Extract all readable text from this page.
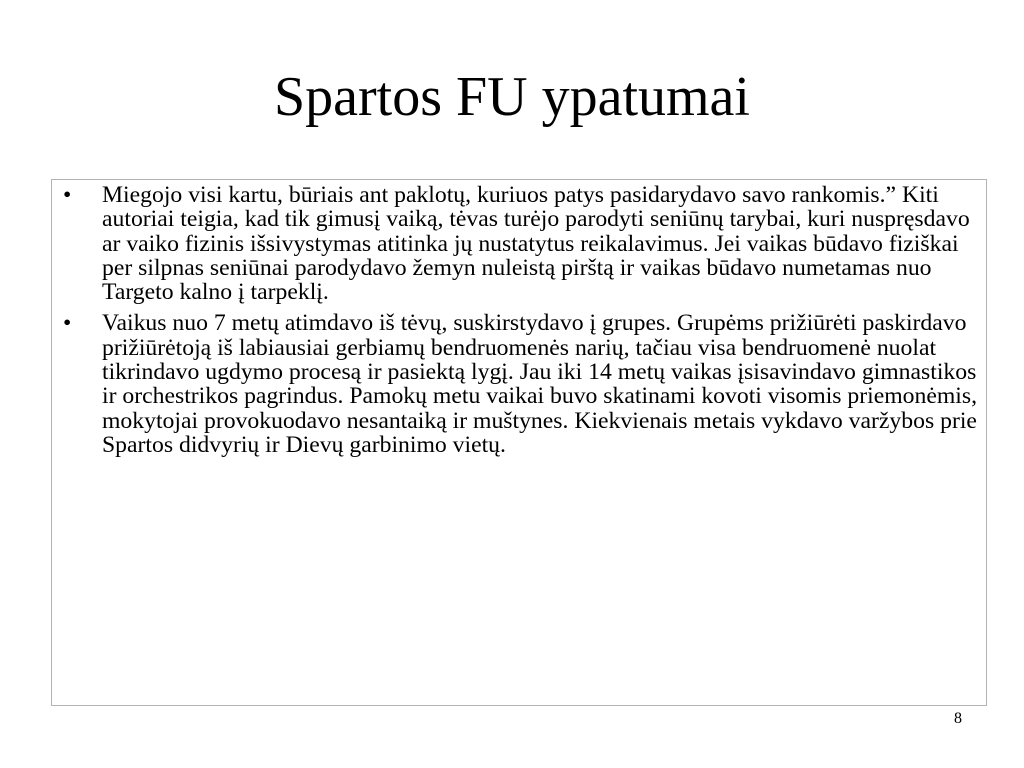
Spartos FU ypatumai
• Miegojo visi kartu, būriais ant paklotų, kuriuos patys pasidarydavo savo rankomis.” Kiti autoriai teigia, kad tik gimusį vaiką, tėvas turėjo parodyti seniūnų tarybai, kuri nuspręsdavo ar vaiko fizinis išsivystymas atitinka jų nustatytus reikalavimus. Jei vaikas būdavo fiziškai per silpnas seniūnai parodydavo žemyn nuleistą pirštą ir vaikas būdavo numetamas nuo Targeto kalno į tarpeklį.
• Vaikus nuo 7 metų atimdavo iš tėvų, suskirstydavo į grupes. Grupėms prižiūrėti paskirdavo prižiūrėtoją iš labiausiai gerbiamų bendruomenės narių, tačiau visa bendruomenė nuolat tikrindavo ugdymo procesą ir pasiektą lygį. Jau iki 14 metų vaikas įsisavindavo gimnastikos ir orchestrikos pagrindus. Pamokų metu vaikai buvo skatinami kovoti visomis priemonėmis, mokytojai provokuodavo nesantaiką ir muštynes. Kiekvienais metais vykdavo varžybos prie Spartos didvyrių ir Dievų garbinimo vietų.
8
